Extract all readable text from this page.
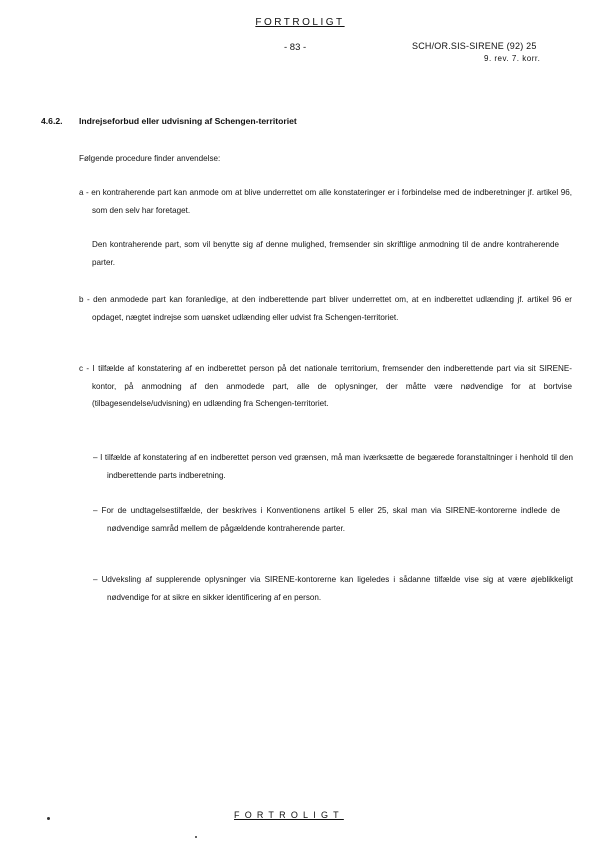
FORTROLIGT
- 83 -	SCH/OR.SIS-SIRENE (92) 25
9. rev. 7. korr.
4.6.2. Indrejseforbud eller udvisning af Schengen-territoriet
Følgende procedure finder anvendelse:
a - en kontraherende part kan anmode om at blive underrettet om alle konstateringer er i forbindelse med de indberetninger jf. artikel 96, som den selv har foretaget.
Den kontraherende part, som vil benytte sig af denne mulighed, fremsender sin skriftlige anmodning til de andre kontraherende parter.
b - den anmodede part kan foranledige, at den indberettende part bliver underrettet om, at en indberettet udlænding jf. artikel 96 er opdaget, nægtet indrejse som uønsket udlænding eller udvist fra Schengen-territoriet.
c - I tilfælde af konstatering af en indberettet person på det nationale territorium, fremsender den indberettende part via sit SIRENE-kontor, på anmodning af den anmodede part, alle de oplysninger, der måtte være nødvendige for at bortvise (tilbagesendelse/udvisning) en udlænding fra Schengen-territoriet.
– I tilfælde af konstatering af en indberettet person ved grænsen, må man iværksætte de begærede foranstaltninger i henhold til den indberettende parts indberetning.
– For de undtagelsestilfælde, der beskrives i Konventionens artikel 5 eller 25, skal man via SIRENE-kontorerne indlede de nødvendige samråd mellem de pågældende kontraherende parter.
– Udveksling af supplerende oplysninger via SIRENE-kontorerne kan ligeledes i sådanne tilfælde vise sig at være øjeblikkeligt nødvendige for at sikre en sikker identificering af en person.
FORTROLIGT
